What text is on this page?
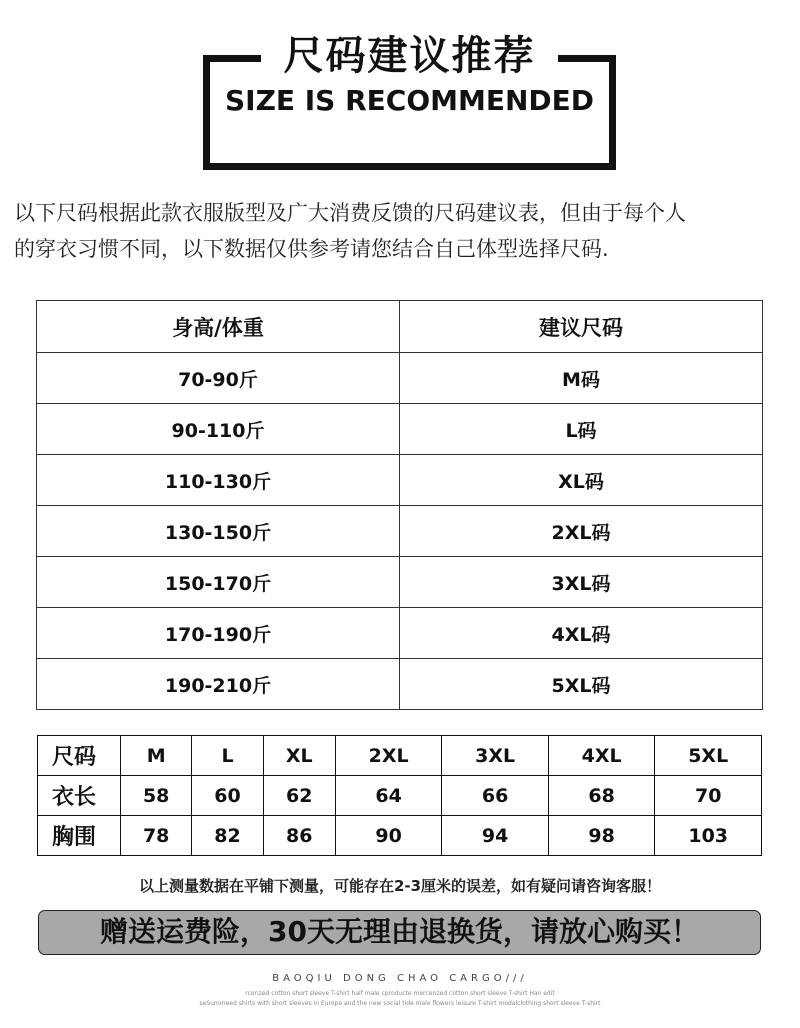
尺码建议推荐
SIZE IS RECOMMENDED
以下尺码根据此款衣服版型及广大消费反馈的尺码建议表，但由于每个人
的穿衣习惯不同，以下数据仅供参考请您结合自己体型选择尺码.
身高/体重	建议尺码
70-90斤	M码
90-110斤	L码
110-130斤	XL码
130-150斤	2XL码
150-170斤	3XL码
170-190斤	4XL码
190-210斤	5XL码
尺码	M	L	XL	2XL	3XL	4XL	5XL
衣长	58	60	62	64	66	68	70
胸围	78	82	86	90	94	98	103
以上测量数据在平铺下测量，可能存在2-3厘米的误差，如有疑问请咨询客服！
赠送运费险，30天无理由退换货，请放心购买！
BAOQIU DONG CHAO CARGO///
rcerized cotton short sleeve T-shirt half male cproducte mercerized cotton short sleeve T-shirt Han edit
seSummeed shirts with short sleeves in Europe and the new social tide male flowers leisure T-shirt modalclothing short sleeve T-shirt
